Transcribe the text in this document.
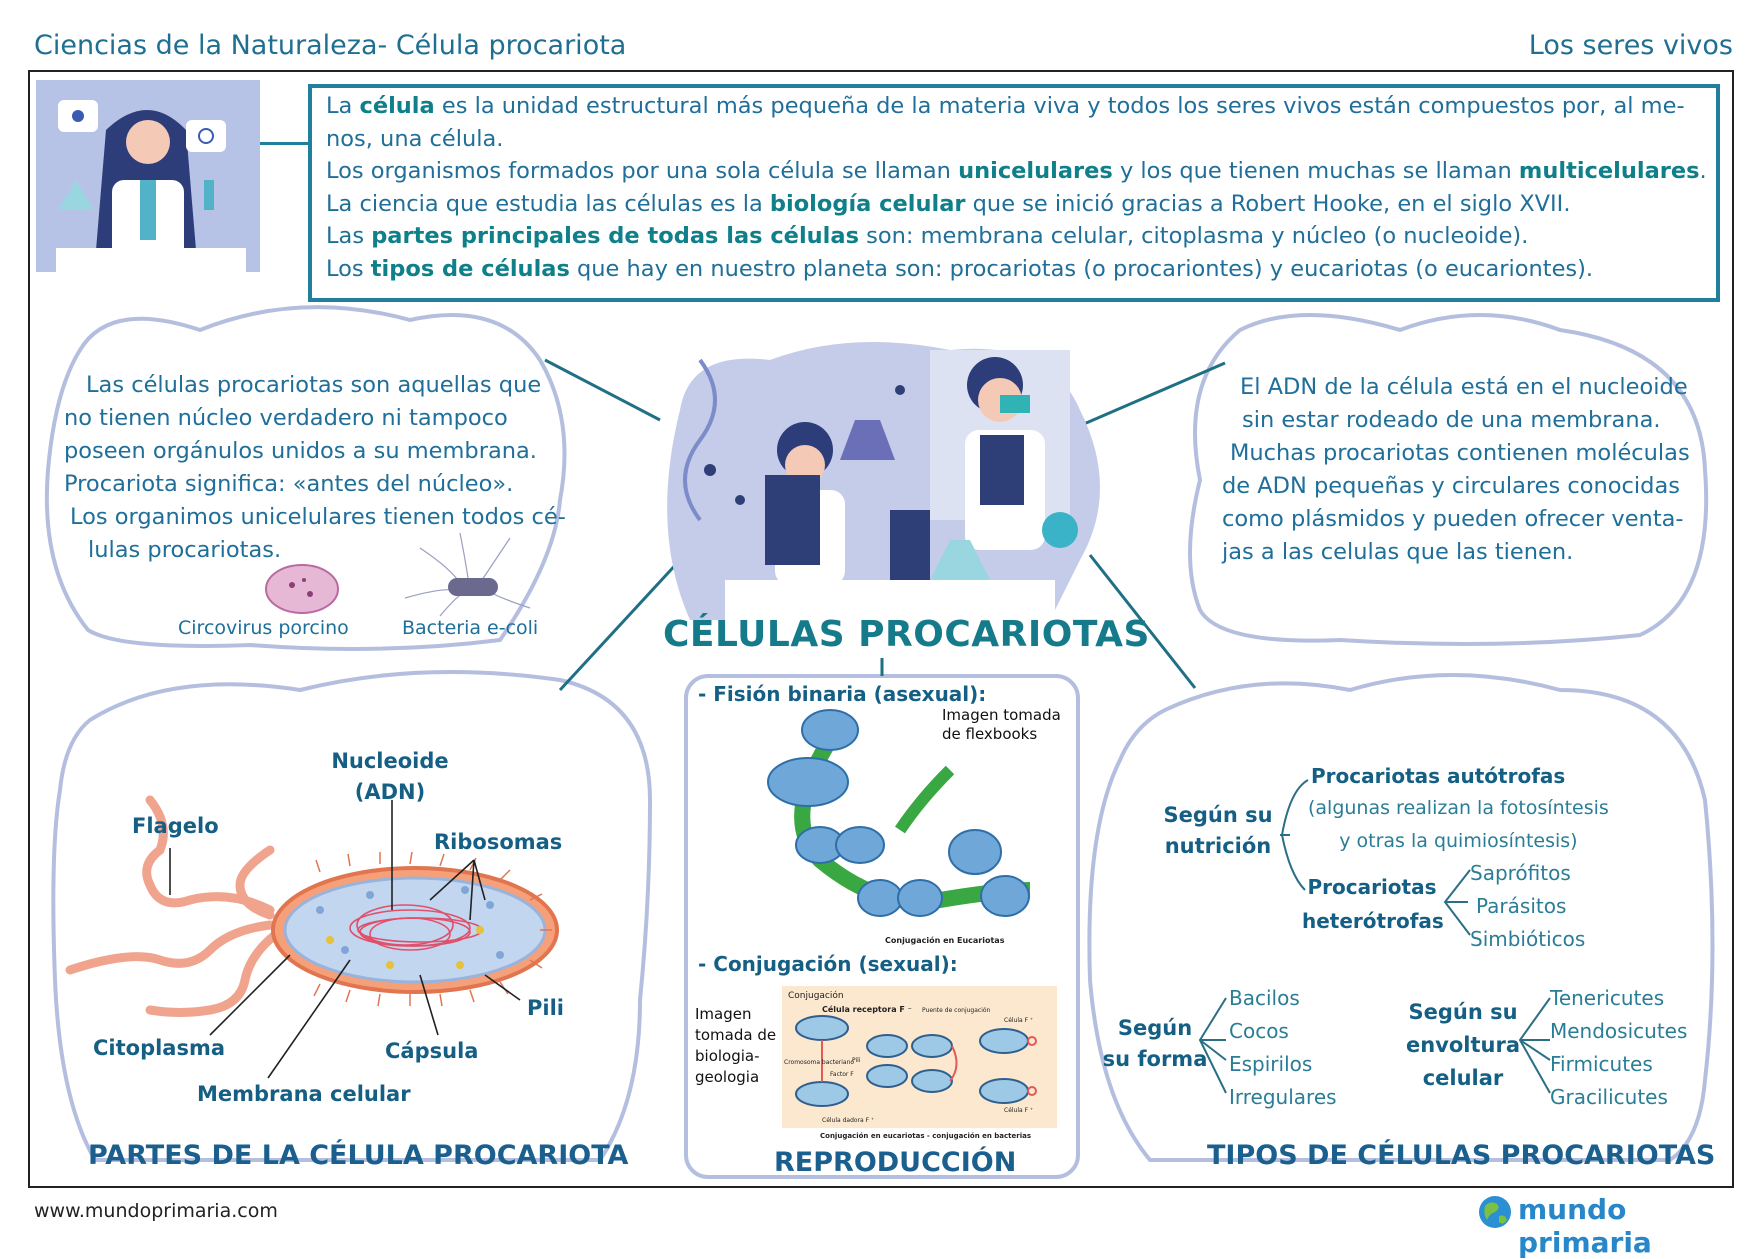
Ciencias de la Naturaleza- Célula procariota	Los seres vivos

La célula es la unidad estructural más pequeña de la materia viva y todos los seres vivos están compuestos por, al me-

nos, una célula.

Los organismos formados por una sola célula se llaman unicelulares y los que tienen muchas se llaman multicelulares.

La ciencia que estudia las células es la biología celular que se inició gracias a Robert Hooke, en el siglo XVII.

Las partes principales de todas las células son: membrana celular, citoplasma y núcleo (o nucleoide).

Los tipos de células que hay en nuestro planeta son: procariotas (o procariontes) y eucariotas (o eucariontes).

CÉLULAS PROCARIOTAS

Las células procariotas son aquellas que

no tienen núcleo verdadero ni tampoco

poseen orgánulos unidos a su membrana.

Procariota significa: «antes del núcleo».

Los organimos unicelulares tienen todos cé-

lulas procariotas.

Circovirus porcino	Bacteria e-coli

El ADN de la célula está en el nucleoide

sin estar rodeado de una membrana.

Muchas procariotas contienen moléculas

de ADN pequeñas y circulares conocidas

como plásmidos y pueden ofrecer venta-

jas a las celulas que las tienen.

Nucleoide
(ADN)
Flagelo
Ribosomas
Pili
Citoplasma	Cápsula
Membrana celular
PARTES DE LA CÉLULA PROCARIOTA
- Fisión binaria (asexual):
Imagen tomada
de flexbooks
Conjugación en Eucariotas
- Conjugación (sexual):
Imagen
tomada de
biologia-
geologia
Conjugación
Célula receptora F ⁻ Puente de conjugación
Célula F ⁺
Pili
Factor F
Cromosoma bacteriano
Célula dadora F ⁺
Célula F ⁺
Conjugación en eucariotas - conjugación en bacterias
REPRODUCCIÓN
Según su
nutrición
Procariotas autótrofas
(algunas realizan la fotosíntesis
y otras la quimiosíntesis)
Procariotas
heterótrofas
Saprófitos
Parásitos
Simbióticos
Según
su forma
Bacilos
Cocos
Espirilos
Irregulares
Según su
envoltura
celular
Tenericutes
Mendosicutes
Firmicutes
Gracilicutes
TIPOS DE CÉLULAS PROCARIOTAS
www.mundoprimaria.com	mundo primaria
